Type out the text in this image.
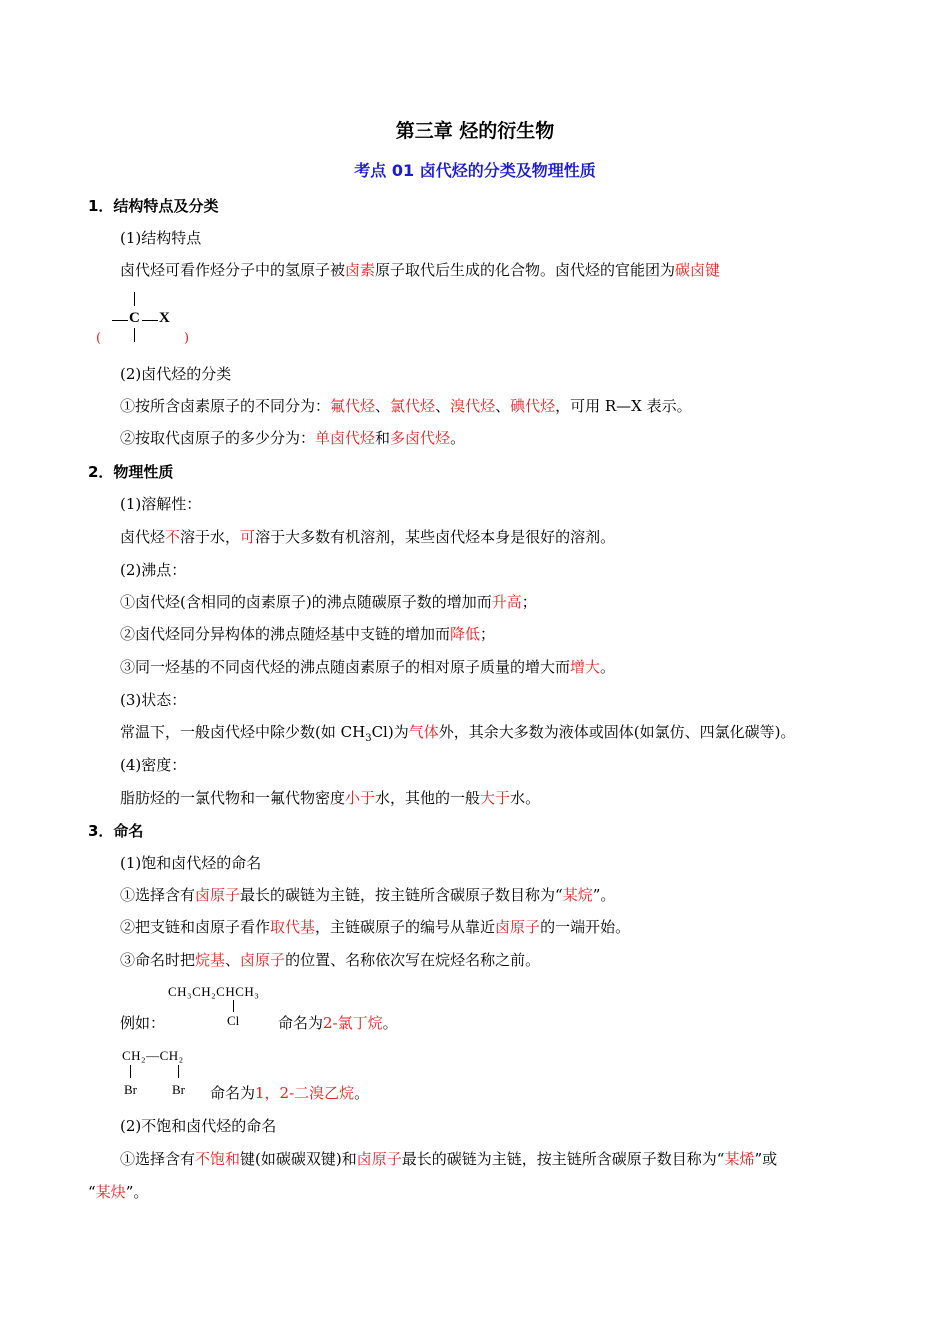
第三章 烃的衍生物
考点 01 卤代烃的分类及物理性质
1．结构特点及分类
(1)结构特点
卤代烃可看作烃分子中的氢原子被卤素原子取代后生成的化合物。卤代烃的官能团为碳卤键
C X
(	)
(2)卤代烃的分类
①按所含卤素原子的不同分为：氟代烃、氯代烃、溴代烃、碘代烃，可用 R—X 表示。
②按取代卤原子的多少分为：单卤代烃和多卤代烃。
2．物理性质
(1)溶解性：
卤代烃不溶于水，可溶于大多数有机溶剂，某些卤代烃本身是很好的溶剂。
(2)沸点：
①卤代烃(含相同的卤素原子)的沸点随碳原子数的增加而升高；
②卤代烃同分异构体的沸点随烃基中支链的增加而降低；
③同一烃基的不同卤代烃的沸点随卤素原子的相对原子质量的增大而增大。
(3)状态：
常温下，一般卤代烃中除少数(如 $CH_3Cl$)为气体外，其余大多数为液体或固体(如氯仿、四氯化碳等)。
(4)密度：
脂肪烃的一氯代物和一氟代物密度小于水，其他的一般大于水。
3．命名
(1)饱和卤代烃的命名
①选择含有卤原子最长的碳链为主链，按主链所含碳原子数目称为“某烷”。
②把支链和卤原子看作取代基，主链碳原子的编号从靠近卤原子的一端开始。
③命名时把烷基、卤原子的位置、名称依次写在烷烃名称之前。
CH₃CH₂CHCH₃
Cl
例如：	命名为2-氯丁烷。
CH₂—CH₂
Br	Br 命名为1，2-二溴乙烷。
(2)不饱和卤代烃的命名
①选择含有不饱和键(如碳碳双键)和卤原子最长的碳链为主链，按主链所含碳原子数目称为“某烯”或
“某炔”。
